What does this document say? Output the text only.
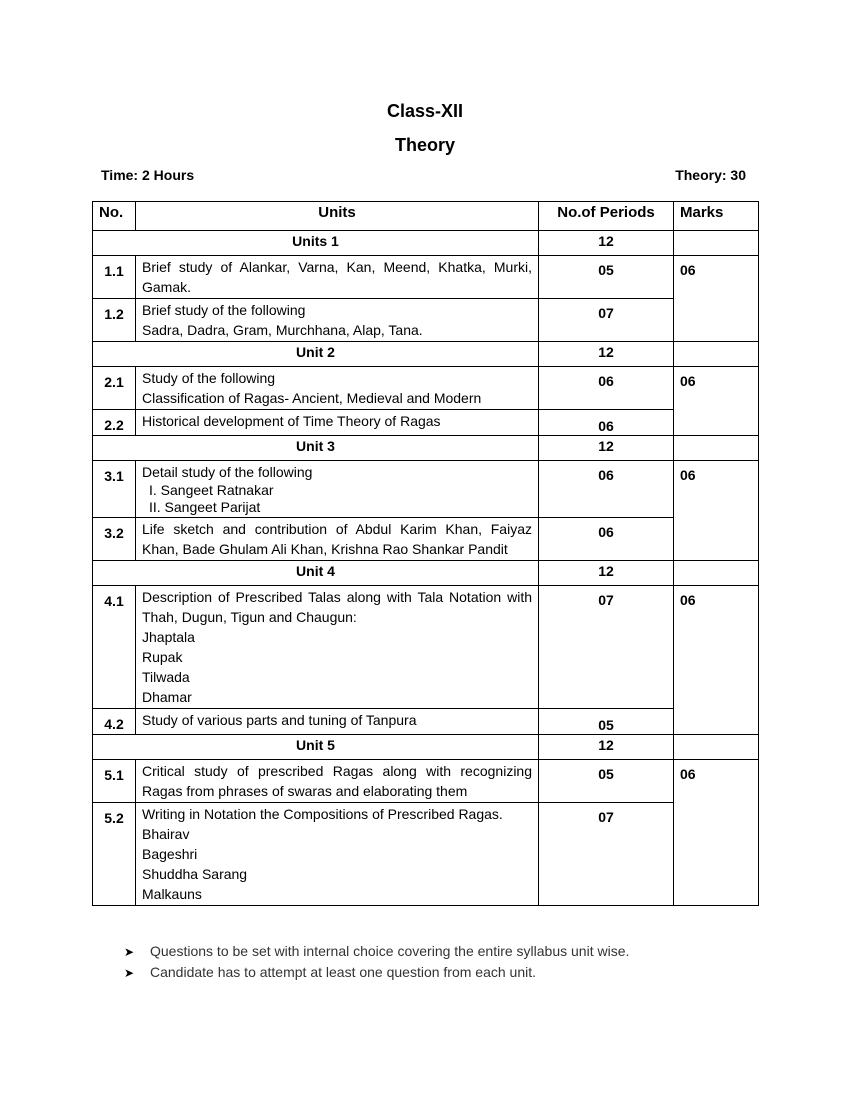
Class-XII
Theory
Time: 2 Hours	Theory: 30
No.	Units	No.of Periods	Marks
Units 1		12	
1.1	Brief study of Alankar, Varna, Kan, Meend, Khatka, Murki, Gamak.	05	06
1.2	Brief study of the following
Sadra, Dadra, Gram, Murchhana, Alap, Tana.	07	
Unit 2		12	
2.1	Study of the following
Classification of Ragas- Ancient, Medieval and Modern	06	06
2.2	Historical development of Time Theory of Ragas	06	
Unit 3		12	
3.1	Detail study of the following
I. Sangeet Ratnakar
II. Sangeet Parijat	06	06
3.2	Life sketch and contribution of Abdul Karim Khan, Faiyaz Khan, Bade Ghulam Ali Khan, Krishna Rao Shankar Pandit	06	
Unit 4		12	
4.1	Description of Prescribed Talas along with Tala Notation with Thah, Dugun, Tigun and Chaugun:
Jhaptala
Rupak
Tilwada
Dhamar	07	06
4.2	Study of various parts and tuning of Tanpura	05	
Unit 5		12	
5.1	Critical study of prescribed Ragas along with recognizing Ragas from phrases of swaras and elaborating them	05	06
5.2	Writing in Notation the Compositions of Prescribed Ragas.
Bhairav
Bageshri
Shuddha Sarang
Malkauns	07	
➤ Questions to be set with internal choice covering the entire syllabus unit wise.
➤ Candidate has to attempt at least one question from each unit.
